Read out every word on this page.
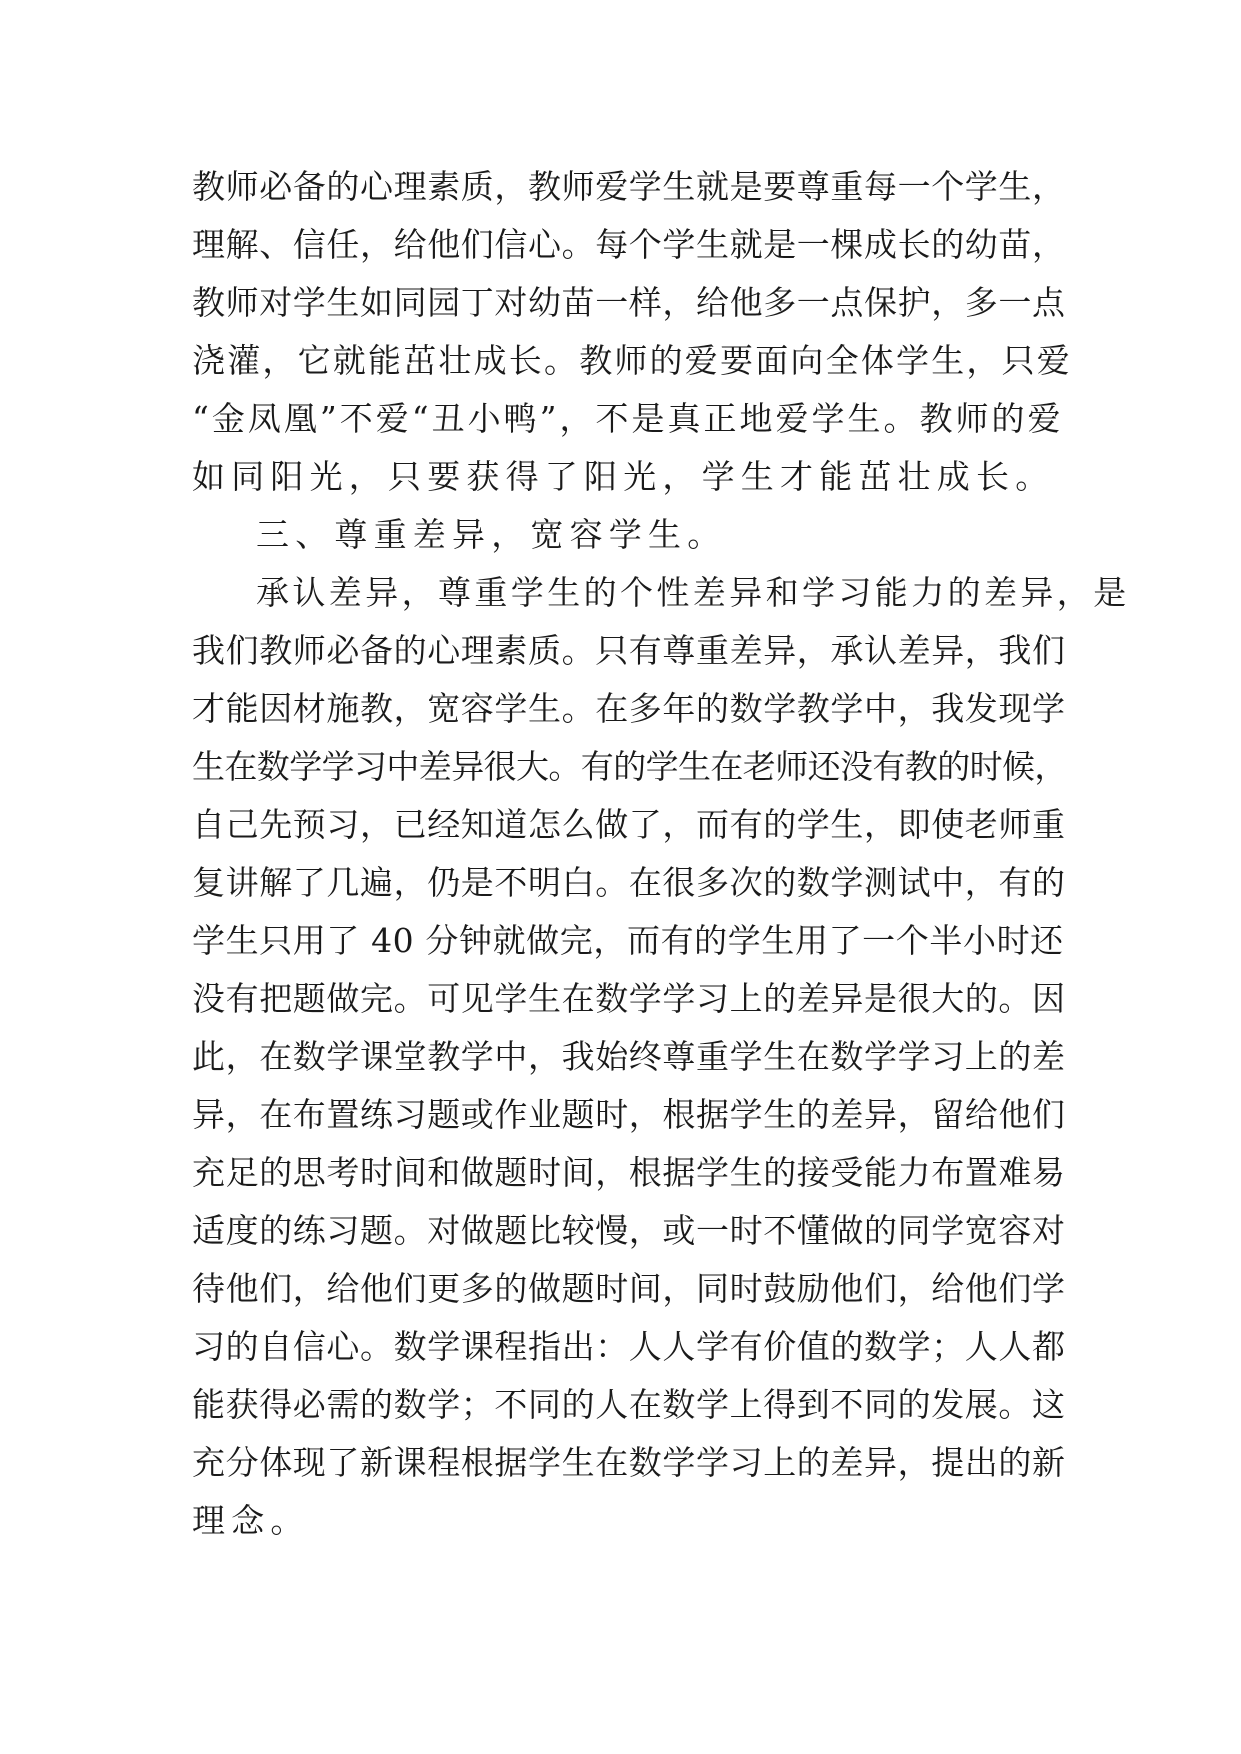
教师必备的心理素质，教师爱学生就是要尊重每一个学生，
理解、信任，给他们信心。每个学生就是一棵成长的幼苗，
教师对学生如同园丁对幼苗一样，给他多一点保护，多一点
浇灌，它就能茁壮成长。教师的爱要面向全体学生，只爱
“金凤凰”不爱“丑小鸭”，不是真正地爱学生。教师的爱
如同阳光，只要获得了阳光，学生才能茁壮成长。
三、尊重差异，宽容学生。
承认差异，尊重学生的个性差异和学习能力的差异，是
我们教师必备的心理素质。只有尊重差异，承认差异，我们
才能因材施教，宽容学生。在多年的数学教学中，我发现学
生在数学学习中差异很大。有的学生在老师还没有教的时候，
自己先预习，已经知道怎么做了，而有的学生，即使老师重
复讲解了几遍，仍是不明白。在很多次的数学测试中，有的
学生只用了 40 分钟就做完，而有的学生用了一个半小时还
没有把题做完。可见学生在数学学习上的差异是很大的。因
此，在数学课堂教学中，我始终尊重学生在数学学习上的差
异，在布置练习题或作业题时，根据学生的差异，留给他们
充足的思考时间和做题时间，根据学生的接受能力布置难易
适度的练习题。对做题比较慢，或一时不懂做的同学宽容对
待他们，给他们更多的做题时间，同时鼓励他们，给他们学
习的自信心。数学课程指出：人人学有价值的数学；人人都
能获得必需的数学；不同的人在数学上得到不同的发展。这
充分体现了新课程根据学生在数学学习上的差异，提出的新
理念。
